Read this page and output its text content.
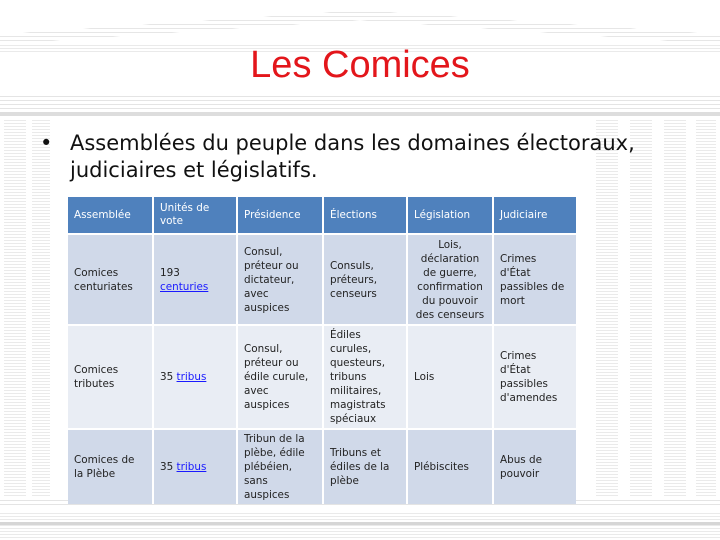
Les Comices
• Assemblées du peuple dans les domaines électoraux, judiciaires et législatifs.
Assemblée	Unités de vote	Présidence	Élections	Législation	Judiciaire
Comices centuriates	193 centuries	Consul, préteur ou dictateur, avec auspices	Consuls, préteurs, censeurs	Lois, déclaration de guerre, confirmation du pouvoir des censeurs	Crimes d'État passibles de mort
Comices tributes	35 tribus	Consul, préteur ou édile curule, avec auspices	Édiles curules, questeurs, tribuns militaires, magistrats spéciaux	Lois	Crimes d'État passibles d'amendes
Comices de la Plèbe	35 tribus	Tribun de la plèbe, édile plébéien, sans auspices	Tribuns et édiles de la plèbe	Plébiscites	Abus de pouvoir
